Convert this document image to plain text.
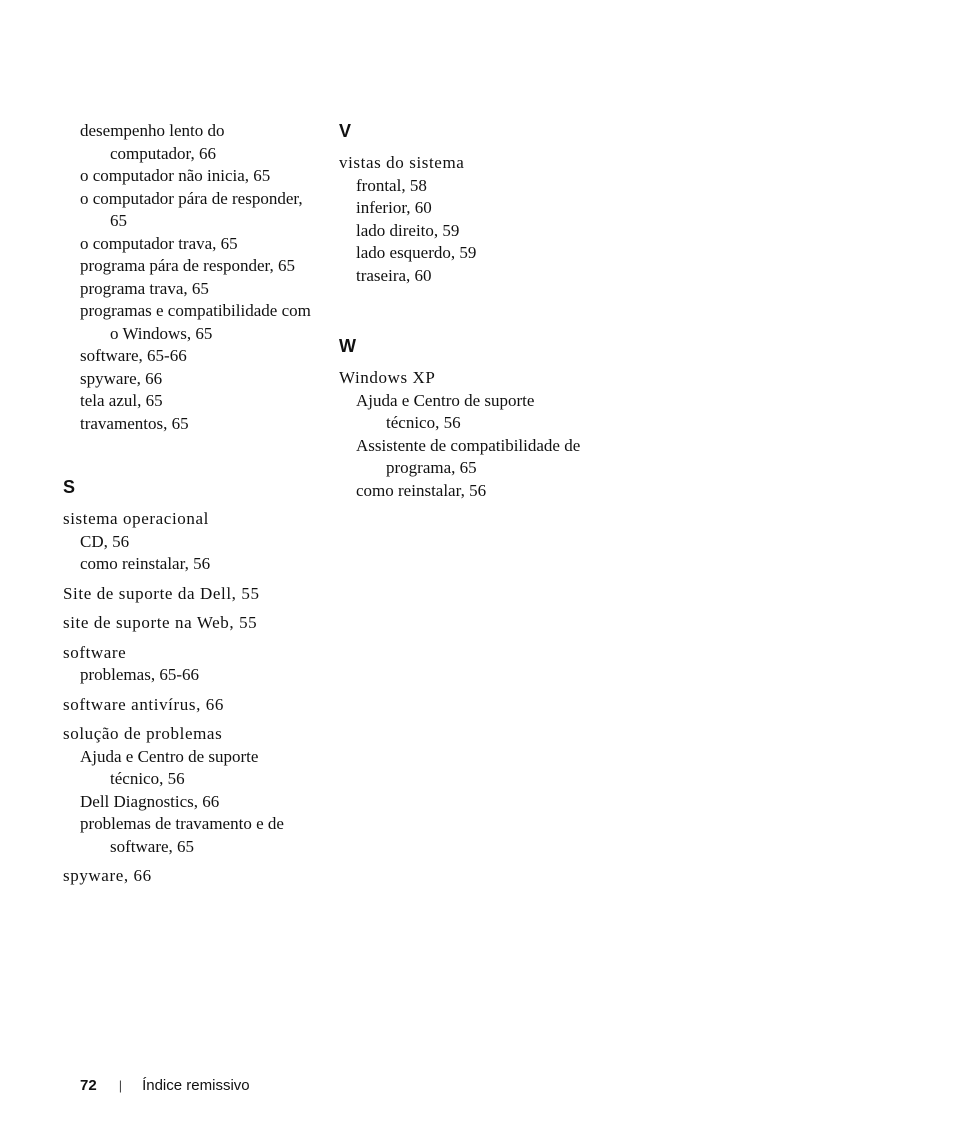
desempenho lento do computador, 66
o computador não inicia, 65
o computador pára de responder, 65
o computador trava, 65
programa pára de responder, 65
programa trava, 65
programas e compatibilidade com o Windows, 65
software, 65-66
spyware, 66
tela azul, 65
travamentos, 65
S
sistema operacional
CD, 56
como reinstalar, 56
Site de suporte da Dell, 55
site de suporte na Web, 55
software
problemas, 65-66
software antivírus, 66
solução de problemas
Ajuda e Centro de suporte técnico, 56
Dell Diagnostics, 66
problemas de travamento e de software, 65
spyware, 66
V
vistas do sistema
frontal, 58
inferior, 60
lado direito, 59
lado esquerdo, 59
traseira, 60
W
Windows XP
Ajuda e Centro de suporte técnico, 56
Assistente de compatibilidade de programa, 65
como reinstalar, 56
72 | Índice remissivo
